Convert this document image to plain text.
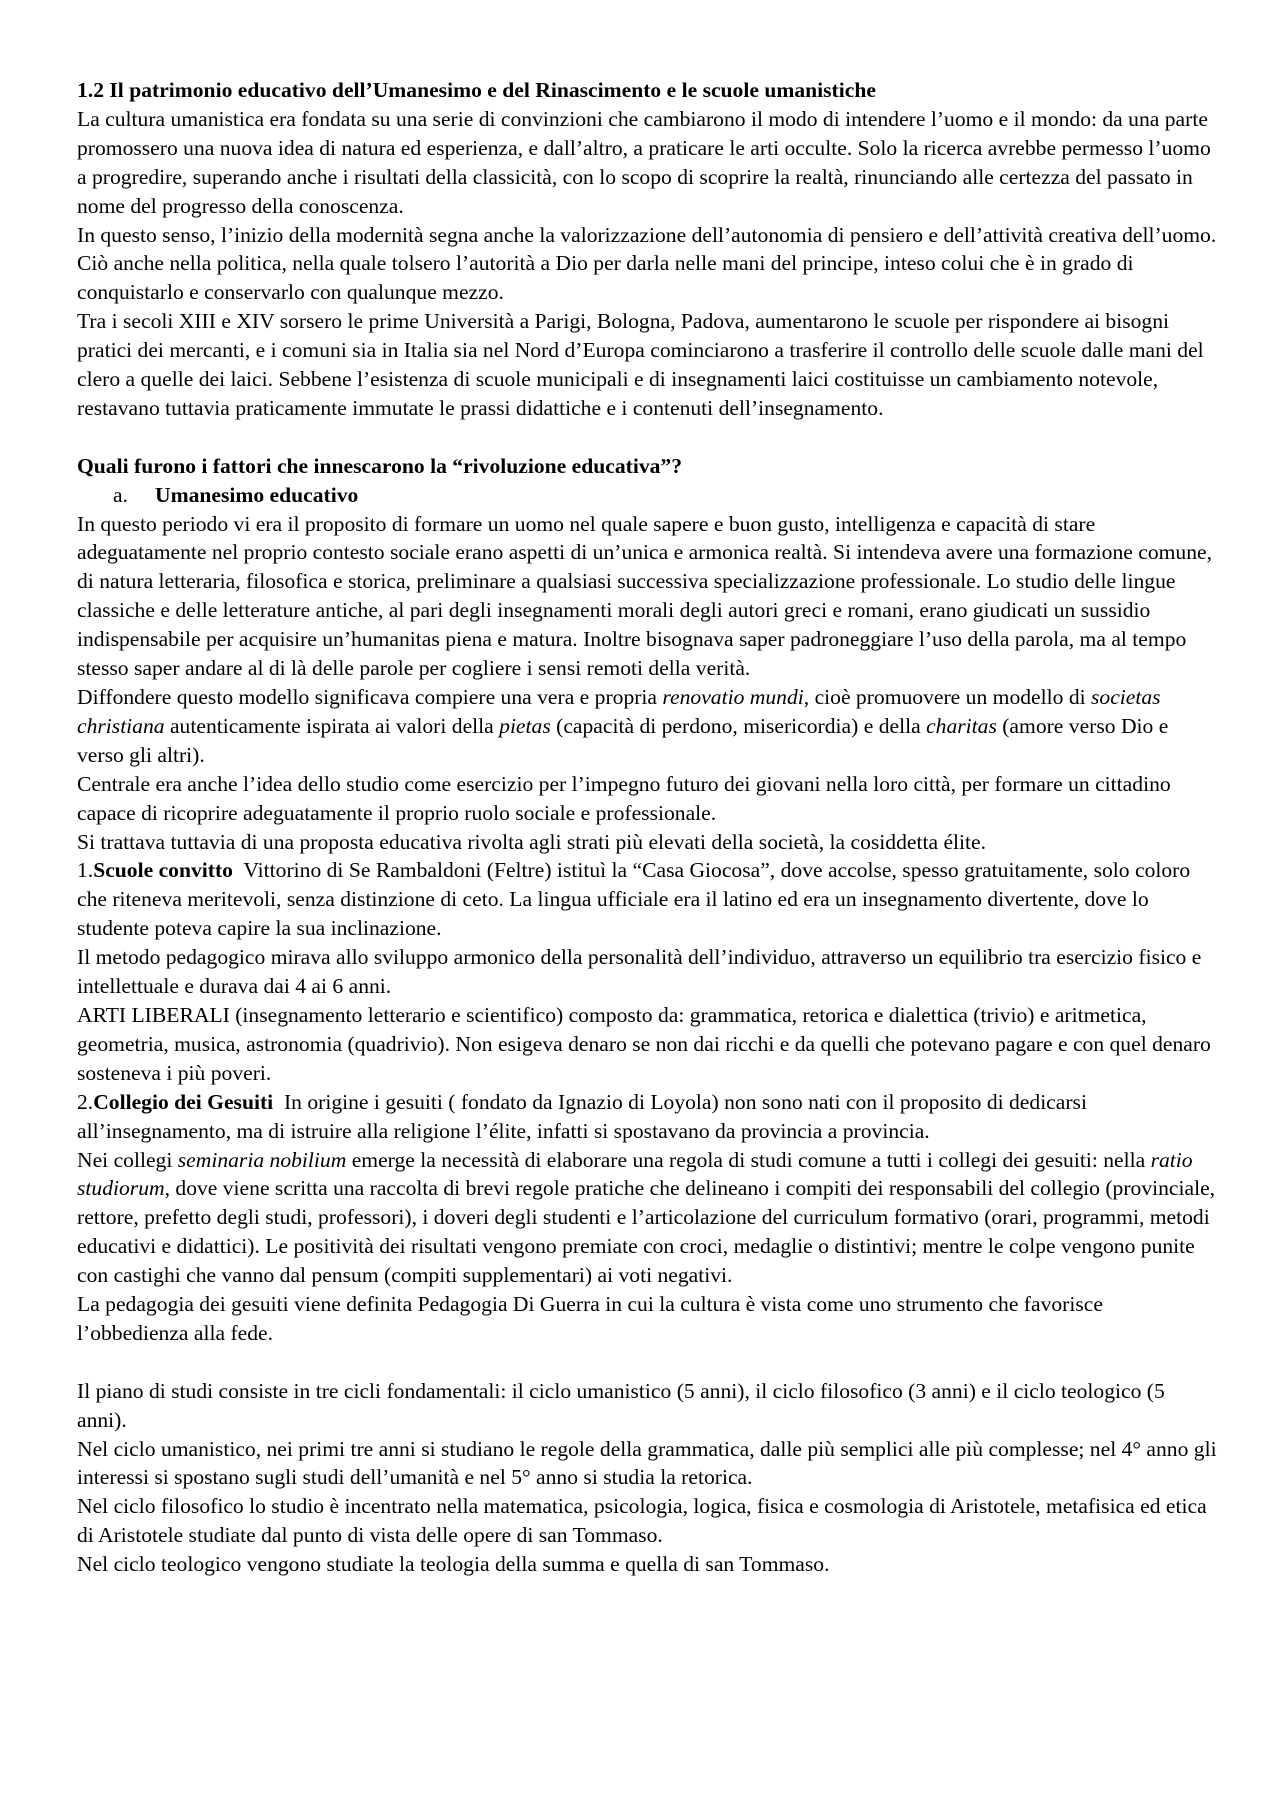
1.2 Il patrimonio educativo dell’Umanesimo e del Rinascimento e le scuole umanistiche

La cultura umanistica era fondata su una serie di convinzioni che cambiarono il modo di intendere l’uomo e il mondo: da una parte promossero una nuova idea di natura ed esperienza, e dall’altro, a praticare le arti occulte. Solo la ricerca avrebbe permesso l’uomo a progredire, superando anche i risultati della classicità, con lo scopo di scoprire la realtà, rinunciando alle certezza del passato in nome del progresso della conoscenza.

In questo senso, l’inizio della modernità segna anche la valorizzazione dell’autonomia di pensiero e dell’attività creativa dell’uomo. Ciò anche nella politica, nella quale tolsero l’autorità a Dio per darla nelle mani del principe, inteso colui che è in grado di conquistarlo e conservarlo con qualunque mezzo.

Tra i secoli XIII e XIV sorsero le prime Università a Parigi, Bologna, Padova, aumentarono le scuole per rispondere ai bisogni pratici dei mercanti, e i comuni sia in Italia sia nel Nord d’Europa cominciarono a trasferire il controllo delle scuole dalle mani del clero a quelle dei laici. Sebbene l’esistenza di scuole municipali e di insegnamenti laici costituisse un cambiamento notevole, restavano tuttavia praticamente immutate le prassi didattiche e i contenuti dell’insegnamento.

Quali furono i fattori che innescarono la “rivoluzione educativa”?

a. Umanesimo educativo

In questo periodo vi era il proposito di formare un uomo nel quale sapere e buon gusto, intelligenza e capacità di stare adeguatamente nel proprio contesto sociale erano aspetti di un’unica e armonica realtà. Si intendeva avere una formazione comune, di natura letteraria, filosofica e storica, preliminare a qualsiasi successiva specializzazione professionale. Lo studio delle lingue classiche e delle letterature antiche, al pari degli insegnamenti morali degli autori greci e romani, erano giudicati un sussidio indispensabile per acquisire un’humanitas piena e matura. Inoltre bisognava saper padroneggiare l’uso della parola, ma al tempo stesso saper andare al di là delle parole per cogliere i sensi remoti della verità.

Diffondere questo modello significava compiere una vera e propria renovatio mundi, cioè promuovere un modello di societas christiana autenticamente ispirata ai valori della pietas (capacità di perdono, misericordia) e della charitas (amore verso Dio e verso gli altri).

Centrale era anche l’idea dello studio come esercizio per l’impegno futuro dei giovani nella loro città, per formare un cittadino capace di ricoprire adeguatamente il proprio ruolo sociale e professionale.

Si trattava tuttavia di una proposta educativa rivolta agli strati più elevati della società, la cosiddetta élite.

1.Scuole convitto  Vittorino di Se Rambaldoni (Feltre) istituì la “Casa Giocosa”, dove accolse, spesso gratuitamente, solo coloro che riteneva meritevoli, senza distinzione di ceto. La lingua ufficiale era il latino ed era un insegnamento divertente, dove lo studente poteva capire la sua inclinazione.

Il metodo pedagogico mirava allo sviluppo armonico della personalità dell’individuo, attraverso un equilibrio tra esercizio fisico e intellettuale e durava dai 4 ai 6 anni.

ARTI LIBERALI (insegnamento letterario e scientifico) composto da: grammatica, retorica e dialettica (trivio) e aritmetica, geometria, musica, astronomia (quadrivio). Non esigeva denaro se non dai ricchi e da quelli che potevano pagare e con quel denaro sosteneva i più poveri.

2.Collegio dei Gesuiti  In origine i gesuiti ( fondato da Ignazio di Loyola) non sono nati con il proposito di dedicarsi all’insegnamento, ma di istruire alla religione l’élite, infatti si spostavano da provincia a provincia.

Nei collegi seminaria nobilium emerge la necessità di elaborare una regola di studi comune a tutti i collegi dei gesuiti: nella ratio studiorum, dove viene scritta una raccolta di brevi regole pratiche che delineano i compiti dei responsabili del collegio (provinciale, rettore, prefetto degli studi, professori), i doveri degli studenti e l’articolazione del curriculum formativo (orari, programmi, metodi educativi e didattici). Le positività dei risultati vengono premiate con croci, medaglie o distintivi; mentre le colpe vengono punite con castighi che vanno dal pensum (compiti supplementari) ai voti negativi.

La pedagogia dei gesuiti viene definita Pedagogia Di Guerra in cui la cultura è vista come uno strumento che favorisce l’obbedienza alla fede.

Il piano di studi consiste in tre cicli fondamentali: il ciclo umanistico (5 anni), il ciclo filosofico (3 anni) e il ciclo teologico (5 anni).

Nel ciclo umanistico, nei primi tre anni si studiano le regole della grammatica, dalle più semplici alle più complesse; nel 4° anno gli interessi si spostano sugli studi dell’umanità e nel 5° anno si studia la retorica.

Nel ciclo filosofico lo studio è incentrato nella matematica, psicologia, logica, fisica e cosmologia di Aristotele, metafisica ed etica di Aristotele studiate dal punto di vista delle opere di san Tommaso.

Nel ciclo teologico vengono studiate la teologia della summa e quella di san Tommaso.
